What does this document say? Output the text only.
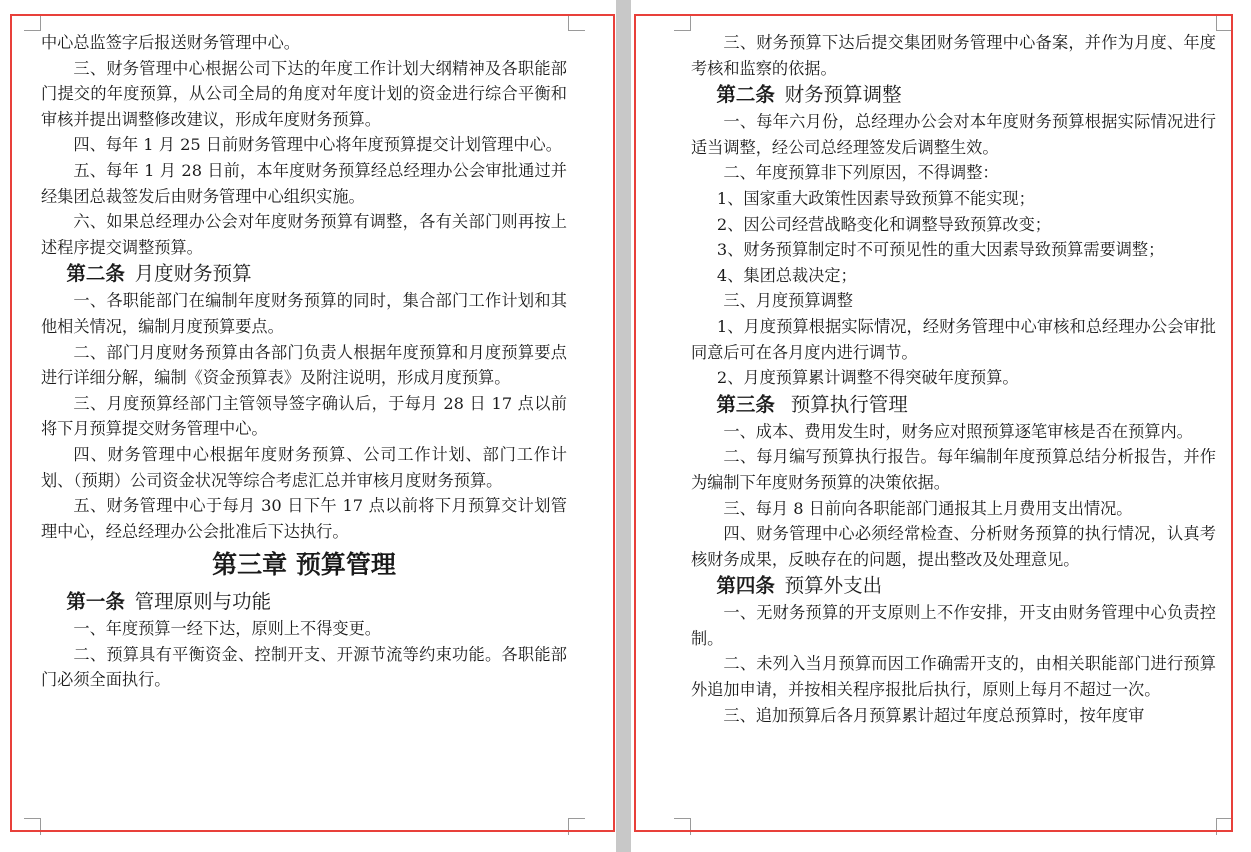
中心总监签字后报送财务管理中心。

三、财务管理中心根据公司下达的年度工作计划大纲精神及各职能部门提交的年度预算，从公司全局的角度对年度计划的资金进行综合平衡和审核并提出调整修改建议，形成年度财务预算。

四、每年 1 月 25 日前财务管理中心将年度预算提交计划管理中心。

五、每年 1 月 28 日前，本年度财务预算经总经理办公会审批通过并经集团总裁签发后由财务管理中心组织实施。

六、如果总经理办公会对年度财务预算有调整，各有关部门则再按上述程序提交调整预算。

第二条  月度财务预算

一、各职能部门在编制年度财务预算的同时，集合部门工作计划和其他相关情况，编制月度预算要点。

二、部门月度财务预算由各部门负责人根据年度预算和月度预算要点进行详细分解，编制《资金预算表》及附注说明，形成月度预算。

三、月度预算经部门主管领导签字确认后，于每月 28 日 17 点以前将下月预算提交财务管理中心。

四、财务管理中心根据年度财务预算、公司工作计划、部门工作计划、（预期）公司资金状况等综合考虑汇总并审核月度财务预算。

五、财务管理中心于每月 30 日下午 17 点以前将下月预算交计划管理中心，经总经理办公会批准后下达执行。

第三章 预算管理
第一条  管理原则与功能

一、年度预算一经下达，原则上不得变更。

二、预算具有平衡资金、控制开支、开源节流等约束功能。各职能部门必须全面执行。

三、财务预算下达后提交集团财务管理中心备案，并作为月度、年度考核和监察的依据。

第二条  财务预算调整

一、每年六月份，总经理办公会对本年度财务预算根据实际情况进行适当调整，经公司总经理签发后调整生效。

二、年度预算非下列原因，不得调整：

1、国家重大政策性因素导致预算不能实现；

2、因公司经营战略变化和调整导致预算改变；

3、财务预算制定时不可预见性的重大因素导致预算需要调整；

4、集团总裁决定；

三、月度预算调整

1、月度预算根据实际情况，经财务管理中心审核和总经理办公会审批同意后可在各月度内进行调节。

2、月度预算累计调整不得突破年度预算。

第三条  预算执行管理

一、成本、费用发生时，财务应对照预算逐笔审核是否在预算内。

二、每月编写预算执行报告。每年编制年度预算总结分析报告，并作为编制下年度财务预算的决策依据。

三、每月 8 日前向各职能部门通报其上月费用支出情况。

四、财务管理中心必须经常检查、分析财务预算的执行情况，认真考核财务成果，反映存在的问题，提出整改及处理意见。

第四条  预算外支出

一、无财务预算的开支原则上不作安排，开支由财务管理中心负责控制。

二、未列入当月预算而因工作确需开支的，由相关职能部门进行预算外追加申请，并按相关程序报批后执行，原则上每月不超过一次。

三、追加预算后各月预算累计超过年度总预算时，按年度审
